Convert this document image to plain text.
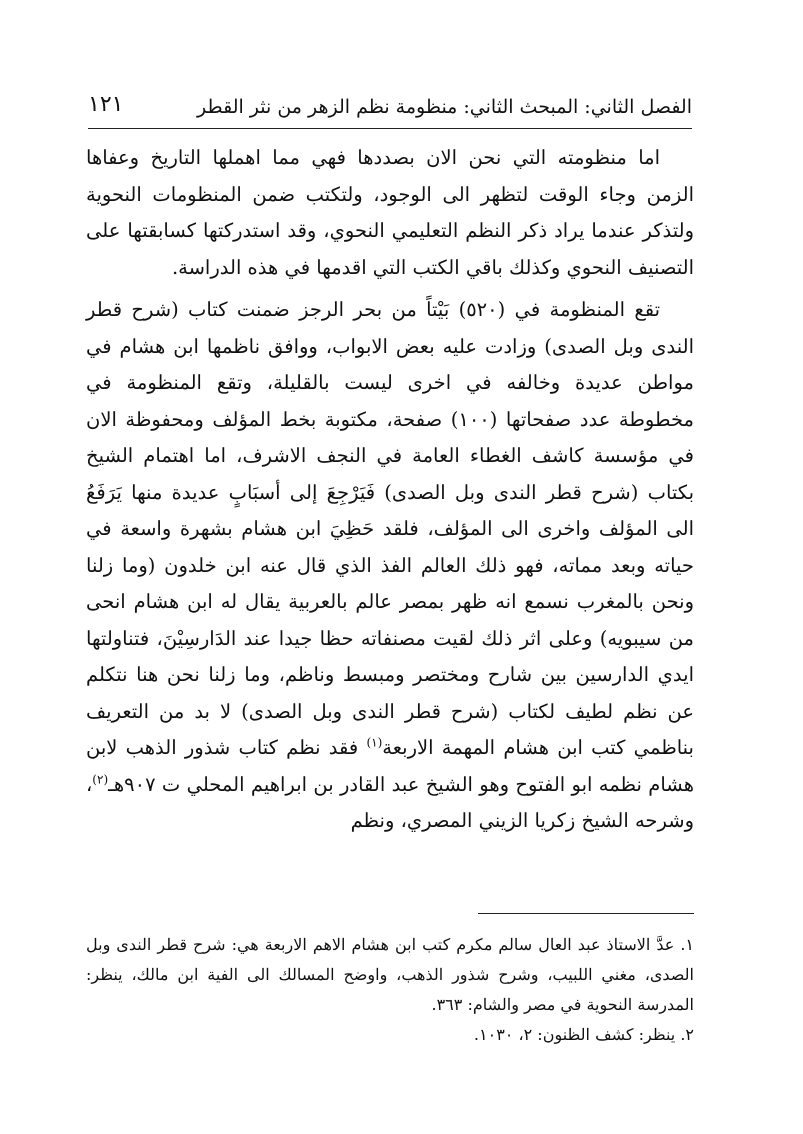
الفصل الثاني: المبحث الثاني: منظومة نظم الزهر من نثر القطر
١٢١

اما منظومته التي نحن الان بصددها فهي مما اهملها التاريخ وعفاها الزمن وجاء الوقت لتظهر الى الوجود، ولتكتب ضمن المنظومات النحوية ولتذكر عندما يراد ذكر النظم التعليمي النحوي، وقد استدركتها كسابقتها على التصنيف النحوي وكذلك باقي الكتب التي اقدمها في هذه الدراسة.

تقع المنظومة في (٥٢٠) بَيْتاً من بحر الرجز ضمنت كتاب (شرح قطر الندى وبل الصدى) وزادت عليه بعض الابواب، ووافق ناظمها ابن هشام في مواطن عديدة وخالفه في اخرى ليست بالقليلة، وتقع المنظومة في مخطوطة عدد صفحاتها (١٠٠) صفحة، مكتوبة بخط المؤلف ومحفوظة الان في مؤسسة كاشف الغطاء العامة في النجف الاشرف، اما اهتمام الشيخ بكتاب (شرح قطر الندى وبل الصدى) فَيَرْجِعَ إلى أسبَابٍ عديدة منها يَرَفَعُ الى المؤلف واخرى الى المؤلف، فلقد حَظِيَ ابن هشام بشهرة واسعة في حياته وبعد مماته، فهو ذلك العالم الفذ الذي قال عنه ابن خلدون (وما زلنا ونحن بالمغرب نسمع انه ظهر بمصر عالم بالعربية يقال له ابن هشام انحى من سيبويه) وعلى اثر ذلك لقيت مصنفاته حظا جيدا عند الدَارسِيْنَ، فتناولتها ايدي الدارسين بين شارح ومختصر ومبسط وناظم، وما زلنا نحن هنا نتكلم عن نظم لطيف لكتاب (شرح قطر الندى وبل الصدى) لا بد من التعريف بناظمي كتب ابن هشام المهمة الاربعة$^{(١)}$ فقد نظم كتاب شذور الذهب لابن هشام نظمه ابو الفتوح وهو الشيخ عبد القادر بن ابراهيم المحلي ت ٩٠٧هـ$^{(٢)}$، وشرحه الشيخ زكريا الزيني المصري، ونظم

١. عدَّ الاستاذ عبد العال سالم مكرم كتب ابن هشام الاهم الاربعة هي: شرح قطر الندى وبل الصدى، مغني اللبيب، وشرح شذور الذهب، واوضح المسالك الى الفية ابن مالك، ينظر: المدرسة النحوية في مصر والشام: ٣٦٣.

٢. ينظر: كشف الظنون: ٢، ١٠٣٠.
